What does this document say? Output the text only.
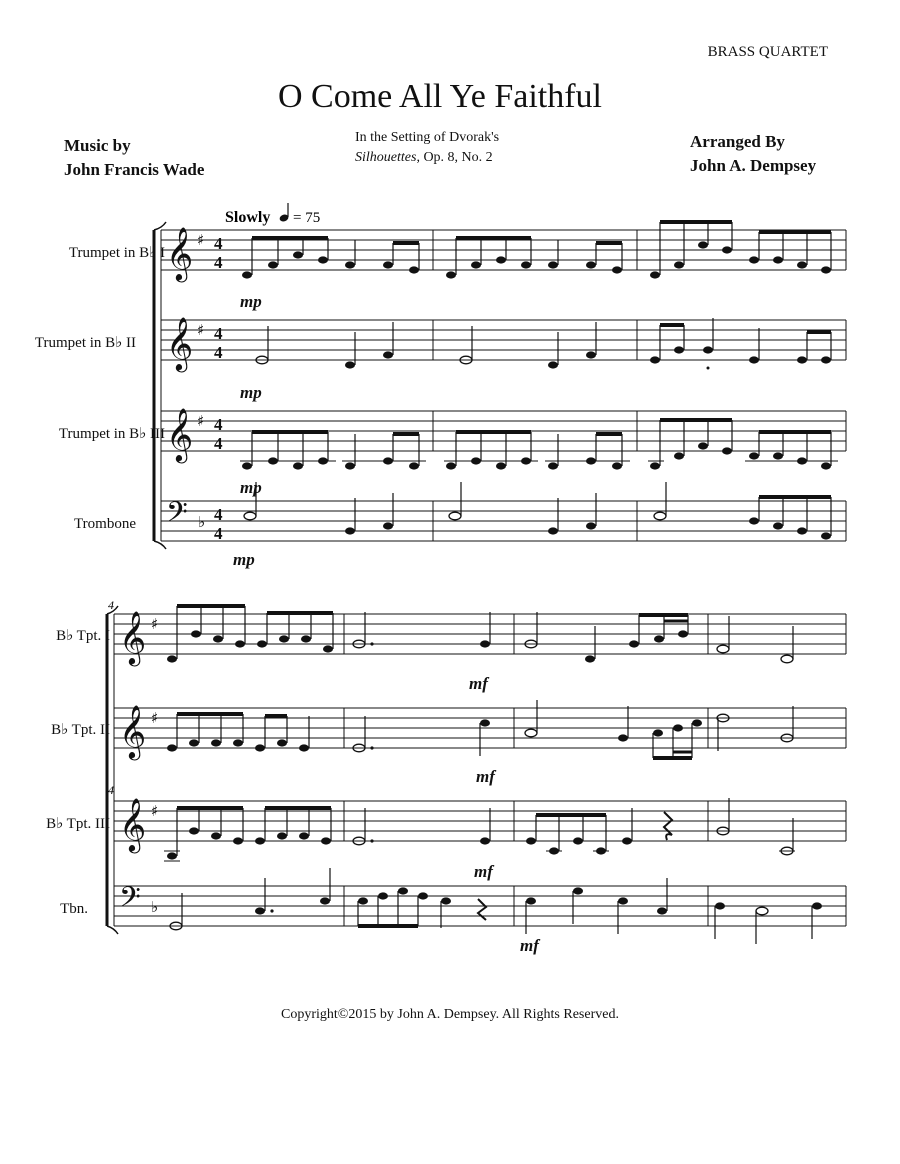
BRASS QUARTET
O Come All Ye Faithful
Music by
John Francis Wade
In the Setting of Dvorak's
Silhouettes, Op. 8, No. 2
Arranged By
John A. Dempsey
Slowly = 75
Trumpet in B♭ I 𝄞 ♯ 4
4
mp
Trumpet in B♭ II 𝄞 ♯ 4
4
mp
Trumpet in B♭ III 𝄞 ♯ 4
4
mp
Trombone 𝄢 ♭ 4
4
mp
4
B♭ Tpt. I 𝄞 ♯
mf
B♭ Tpt. II 𝄞 ♯
mf
B♭ Tpt. III
4
𝄞 ♯
mf
Tbn. 𝄢 ♭
mf
Copyright©2015 by John A. Dempsey. All Rights Reserved.
